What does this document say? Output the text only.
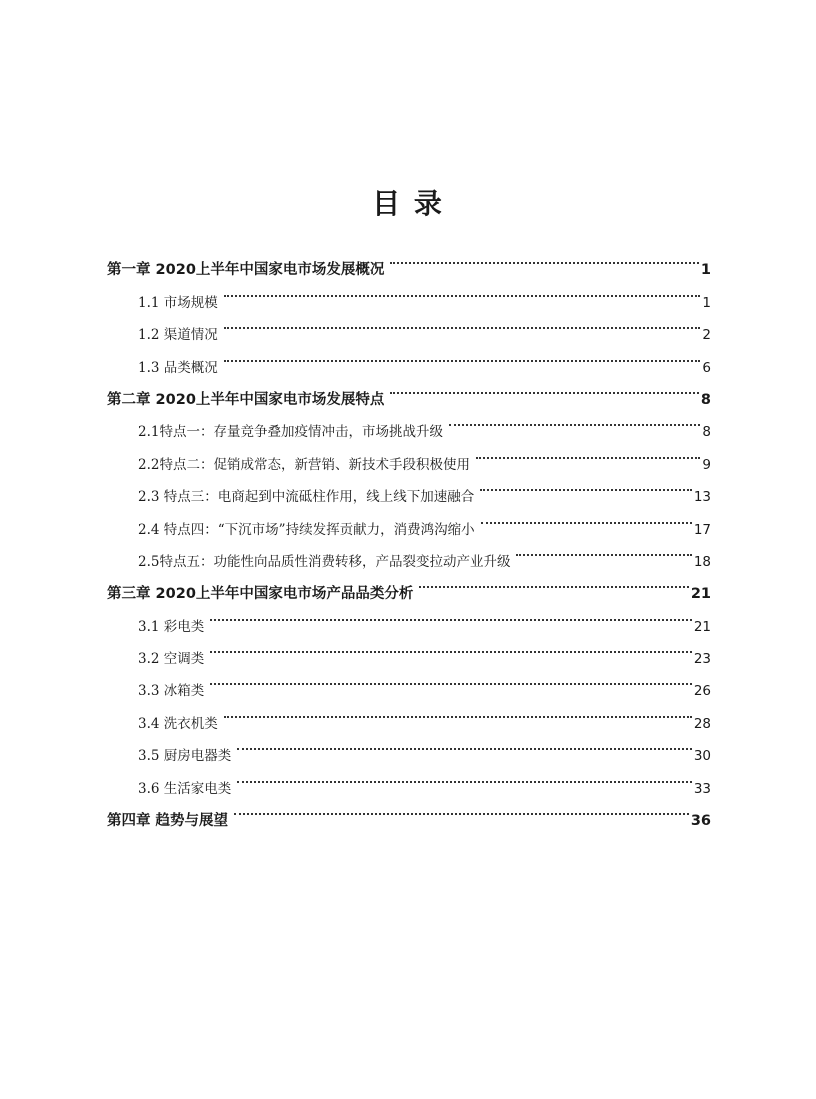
目 录
第一章 2020上半年中国家电市场发展概况	1
1.1 市场规模	1
1.2 渠道情况	2
1.3 品类概况	6
第二章 2020上半年中国家电市场发展特点	8
2.1特点一：存量竞争叠加疫情冲击，市场挑战升级	8
2.2特点二：促销成常态，新营销、新技术手段积极使用	9
2.3 特点三：电商起到中流砥柱作用，线上线下加速融合	13
2.4 特点四：“下沉市场”持续发挥贡献力，消费鸿沟缩小	17
2.5特点五：功能性向品质性消费转移，产品裂变拉动产业升级	18
第三章 2020上半年中国家电市场产品品类分析	21
3.1 彩电类	21
3.2 空调类	23
3.3 冰箱类	26
3.4 洗衣机类	28
3.5 厨房电器类	30
3.6 生活家电类	33
第四章 趋势与展望	36
